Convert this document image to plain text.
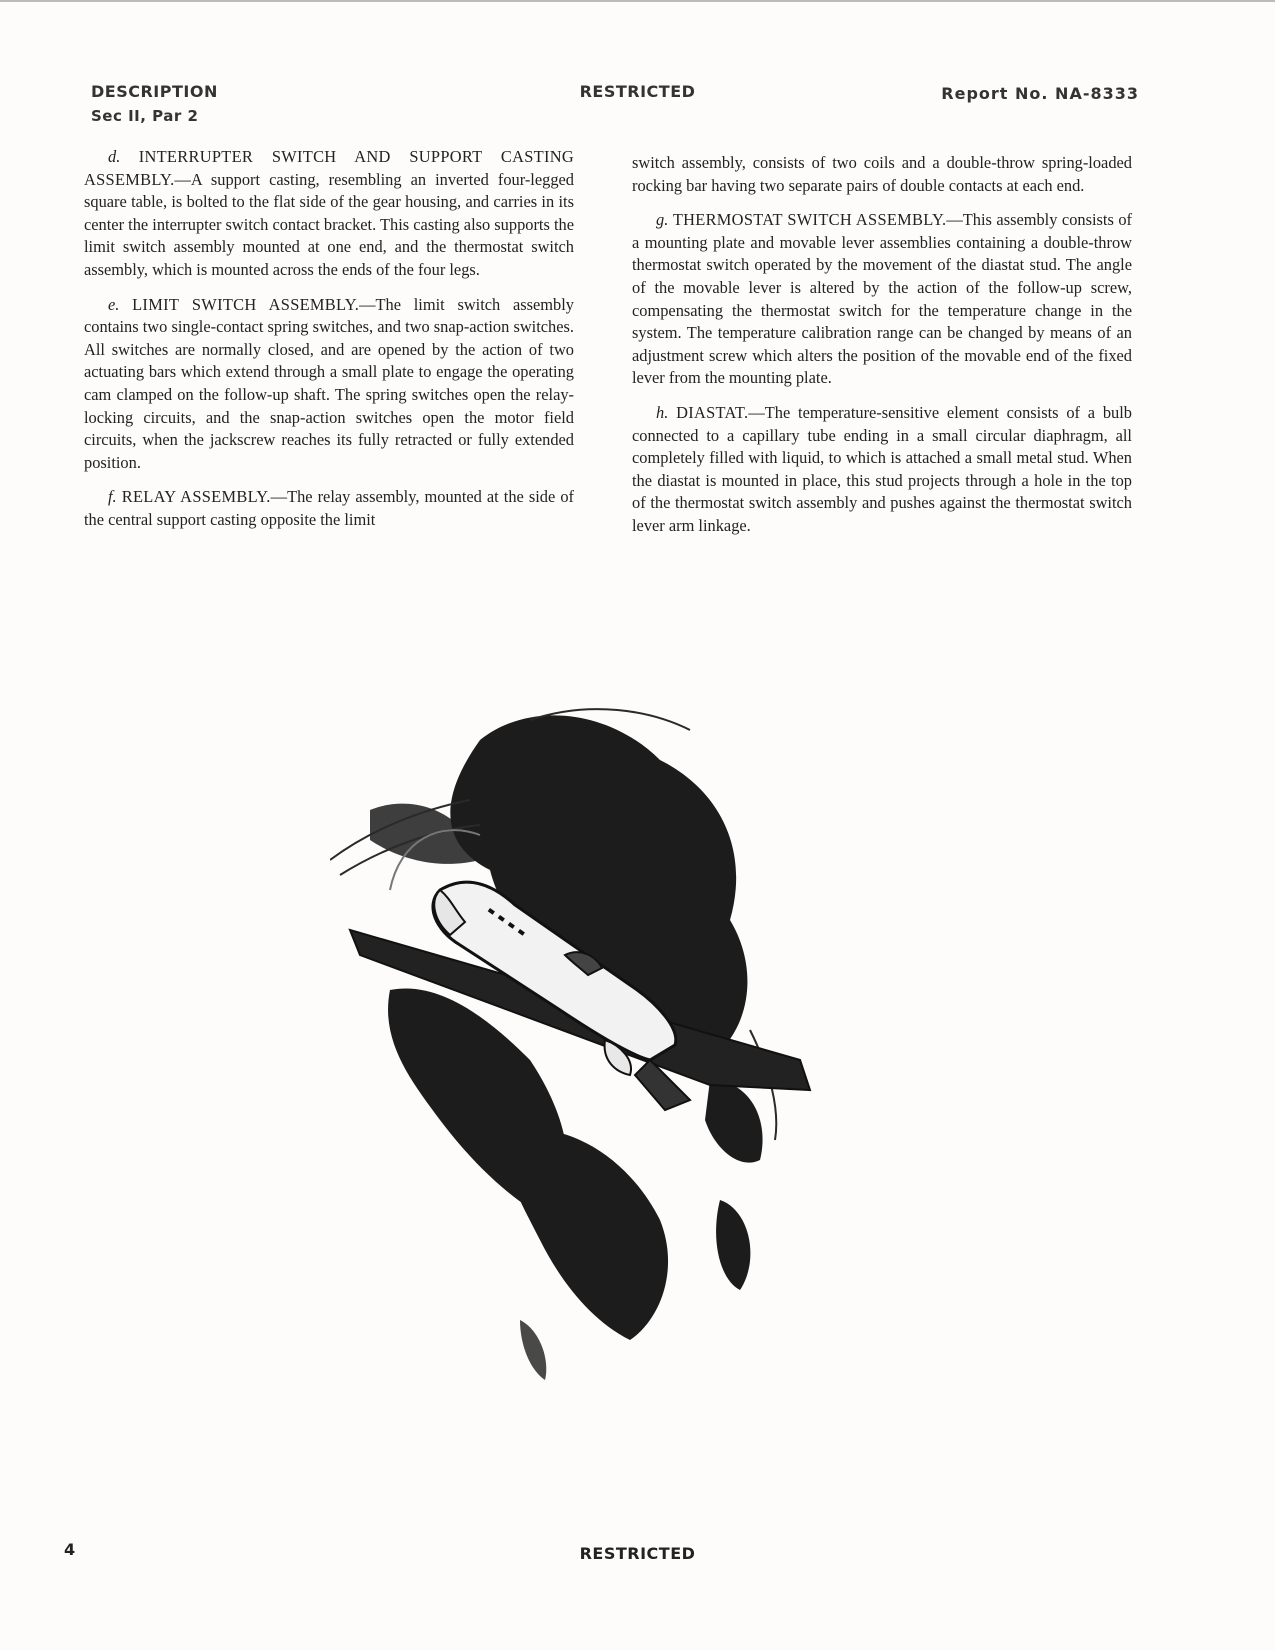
DESCRIPTION
Sec II, Par 2
RESTRICTED	Report No. NA-8333

d. INTERRUPTER SWITCH AND SUPPORT CASTING ASSEMBLY.—A support casting, resembling an inverted four-legged square table, is bolted to the flat side of the gear housing, and carries in its center the interrupter switch contact bracket. This casting also supports the limit switch assembly mounted at one end, and the thermostat switch assembly, which is mounted across the ends of the four legs.

e. LIMIT SWITCH ASSEMBLY.—The limit switch assembly contains two single-contact spring switches, and two snap-action switches. All switches are normally closed, and are opened by the action of two actuating bars which extend through a small plate to engage the operating cam clamped on the follow-up shaft. The spring switches open the relay-locking circuits, and the snap-action switches open the motor field circuits, when the jackscrew reaches its fully retracted or fully extended position.

f. RELAY ASSEMBLY.—The relay assembly, mounted at the side of the central support casting opposite the limit

switch assembly, consists of two coils and a double-throw spring-loaded rocking bar having two separate pairs of double contacts at each end.

g. THERMOSTAT SWITCH ASSEMBLY.—This assembly consists of a mounting plate and movable lever assemblies containing a double-throw thermostat switch operated by the movement of the diastat stud. The angle of the movable lever is altered by the action of the follow-up screw, compensating the thermostat switch for the temperature change in the system. The temperature calibration range can be changed by means of an adjustment screw which alters the position of the movable end of the fixed lever from the mounting plate.

h. DIASTAT.—The temperature-sensitive element consists of a bulb connected to a capillary tube ending in a small circular diaphragm, all completely filled with liquid, to which is attached a small metal stud. When the diastat is mounted in place, this stud projects through a hole in the top of the thermostat switch assembly and pushes against the thermostat switch lever arm linkage.

4	RESTRICTED
